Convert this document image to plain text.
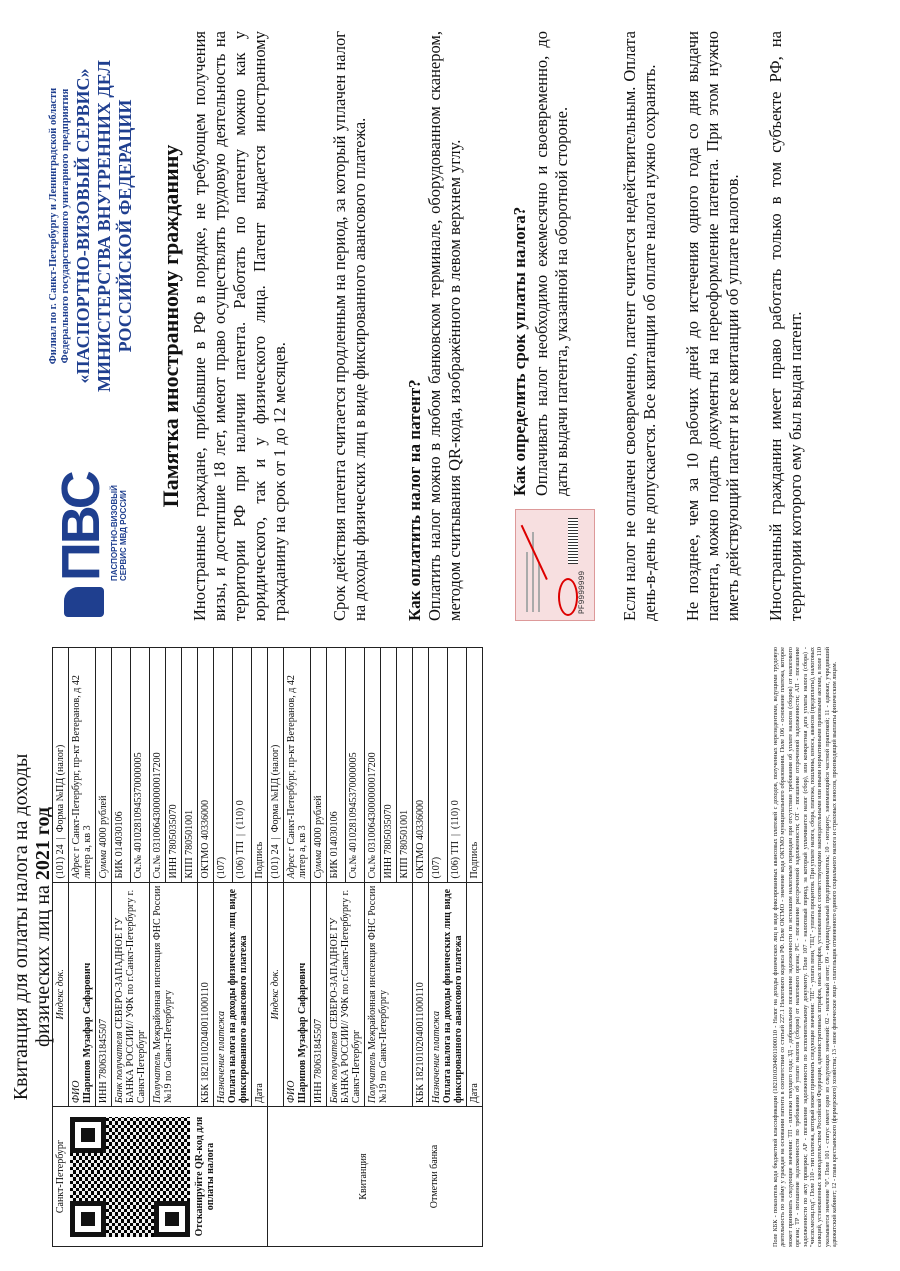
Квитанция для оплаты налога на доходы физических лиц на 2021 год
Санкт-Петербург Отсканируйте QR-код для оплаты налога	Индекс док.	(101) 24  |  Форма №ПД (налог)

	ФИО Шарипов Музафар Сафарович	Адрес г Санкт-Петербург, пр-кт Ветеранов, д 42 литер а, кв 3
	ИНН 780631845507	Сумма 4000 рублей
	Банк получателя СЕВЕРО-ЗАПАДНОЕ ГУ БАНКА РОССИИ// УФК по г.Санкт-Петербургу г. Санкт-Петербург	БИК 014030106
		Сч.№ 40102810945370000005
	Получатель Межрайонная инспекция ФНС России №19 по Санкт-Петербургу	Сч.№ 03100643000000017200
		ИНН 7805035070
		КПП 780501001
	КБК 18210102040011000110	ОКТМО 40336000

	Назначение платежа Оплата налога на доходы физических лиц виде фиксированного авансового платежа	(107)
		(106) ТП  |  (110) 0
	Дата	Подпись

Квитанция Отметки банка	Индекс док.	(101) 24  |  Форма №ПД (налог)

	ФИО Шарипов Музафар Сафарович	Адрес г Санкт-Петербург, пр-кт Ветеранов, д 42 литер а, кв 3
	ИНН 780631845507	Сумма 4000 рублей
	Банк получателя СЕВЕРО-ЗАПАДНОЕ ГУ БАНКА РОССИИ// УФК по г.Санкт-Петербургу г. Санкт-Петербург	БИК 014030106
		Сч.№ 40102810945370000005
	Получатель Межрайонная инспекция ФНС России №19 по Санкт-Петербургу	Сч.№ 03100643000000017200
		ИНН 7805035070
		КПП 780501001
	КБК 18210102040011000110	ОКТМО 40336000

	Назначение платежа Оплата налога на доходы физических лиц виде фиксированного авансового платежа	(107)
		(106) ТП  |  (110) 0
	Дата	Подпись	Поле КБК - показатель кода бюджетной классификации (18210102040011000110 - Налог на доходы физических лиц в виде фиксированных авансовых платежей с доходов, полученных нерезидентами, ведущими трудовую деятельность по найму у граждан на основании патента в соответствии со статьей 227.1 Налогового кодекса РФ. Поле ОКТМО - значение кода ОКТМО муниципального образования. Поле 106 - основание платежа, которое может принимать следующие значения: ТП - платежи текущего года; ЗД - добровольное погашение задолженности по истекшим налоговым периодам при отсутствии требования об уплате налогов (сборов) от налогового органа; ТР - погашение задолженности по требованию об уплате налогов (сборов) от налогового органа; РС - погашение рассроченной задолженности; ОТ - погашение отсроченной задолженности; АП - погашение задолженности по акту проверки; АР - погашение задолженности по исполнительному документу. Поле 107 - налоговый период, за который уплачивается налог (сбор), или конкретная дата уплаты налога (сбора) - "число.месяц.год". Поле 110 - тип платежа, который может принимать следующие значения: "ПЕ" - уплата пени, "ПЦ" - уплата процентов. При уплате налога, сбора, платежа, пошлины, взноса, авансов (предоплаты), налоговых санкций, установленных законодательством Российской Федерации, административных штрафов, иных штрафов, установленных соответствующими законодательными или иными нормативными правовыми актами, в поле 110 указывается значение "0". Поле 101 - статус имеет одно из следующих значений: 02 - налоговый агент; 09 - индивидуальный предприниматель; 10 - нотариус, занимающийся частной практикой; 11 - адвокат, учредивший адвокатский кабинет; 12 - глава крестьянского (фермерского) хозяйства; 13 - иное физическое лицо - плательщик отмененного единого социального налога и страховых взносов, производящий выплаты физическим лицам.
ПВС ПАСПОРТНО-ВИЗОВЫЙ СЕРВИС МВД РОССИИ
Филиал по г. Санкт-Петербургу и Ленинградской области Федерального государственного унитарного предприятия «ПАСПОРТНО-ВИЗОВЫЙ СЕРВИС» МИНИСТЕРСТВА ВНУТРЕННИХ ДЕЛ РОССИЙСКОЙ ФЕДЕРАЦИИ Памятка иностранному гражданину Иностранные граждане, прибывшие в РФ в порядке, не требующем получения визы, и достигшие 18 лет, имеют право осуществлять трудовую деятельность на территории РФ при наличии патента. Работать по патенту можно как у юридического, так и у физического лица. Патент выдается иностранному гражданину на срок от 1 до 12 месяцев. Срок действия патента считается продленным на период, за который уплачен налог на доходы физических лиц в виде фиксированного авансового платежа. Как оплатить налог на патент? Оплатить налог можно в любом банковском терминале, оборудованном сканером, методом считывания QR-кода, изображённого в левом верхнем углу.	PF9999999
Как определить срок уплаты налога? Оплачивать налог необходимо ежемесячно и своевременно, до даты выдачи патента, указанной на оборотной стороне.	Если налог не оплачен своевременно, патент считается недействительным. Оплата день-в-день не допускается. Все квитанции об оплате налога нужно сохранять. Не позднее, чем за 10 рабочих дней до истечения одного года со дня выдачи патента, можно подать документы на переоформление патента. При этом нужно иметь действующий патент и все квитанции об уплате налогов. Иностранный гражданин имеет право работать только в том субъекте РФ, на территории которого ему был выдан патент.
